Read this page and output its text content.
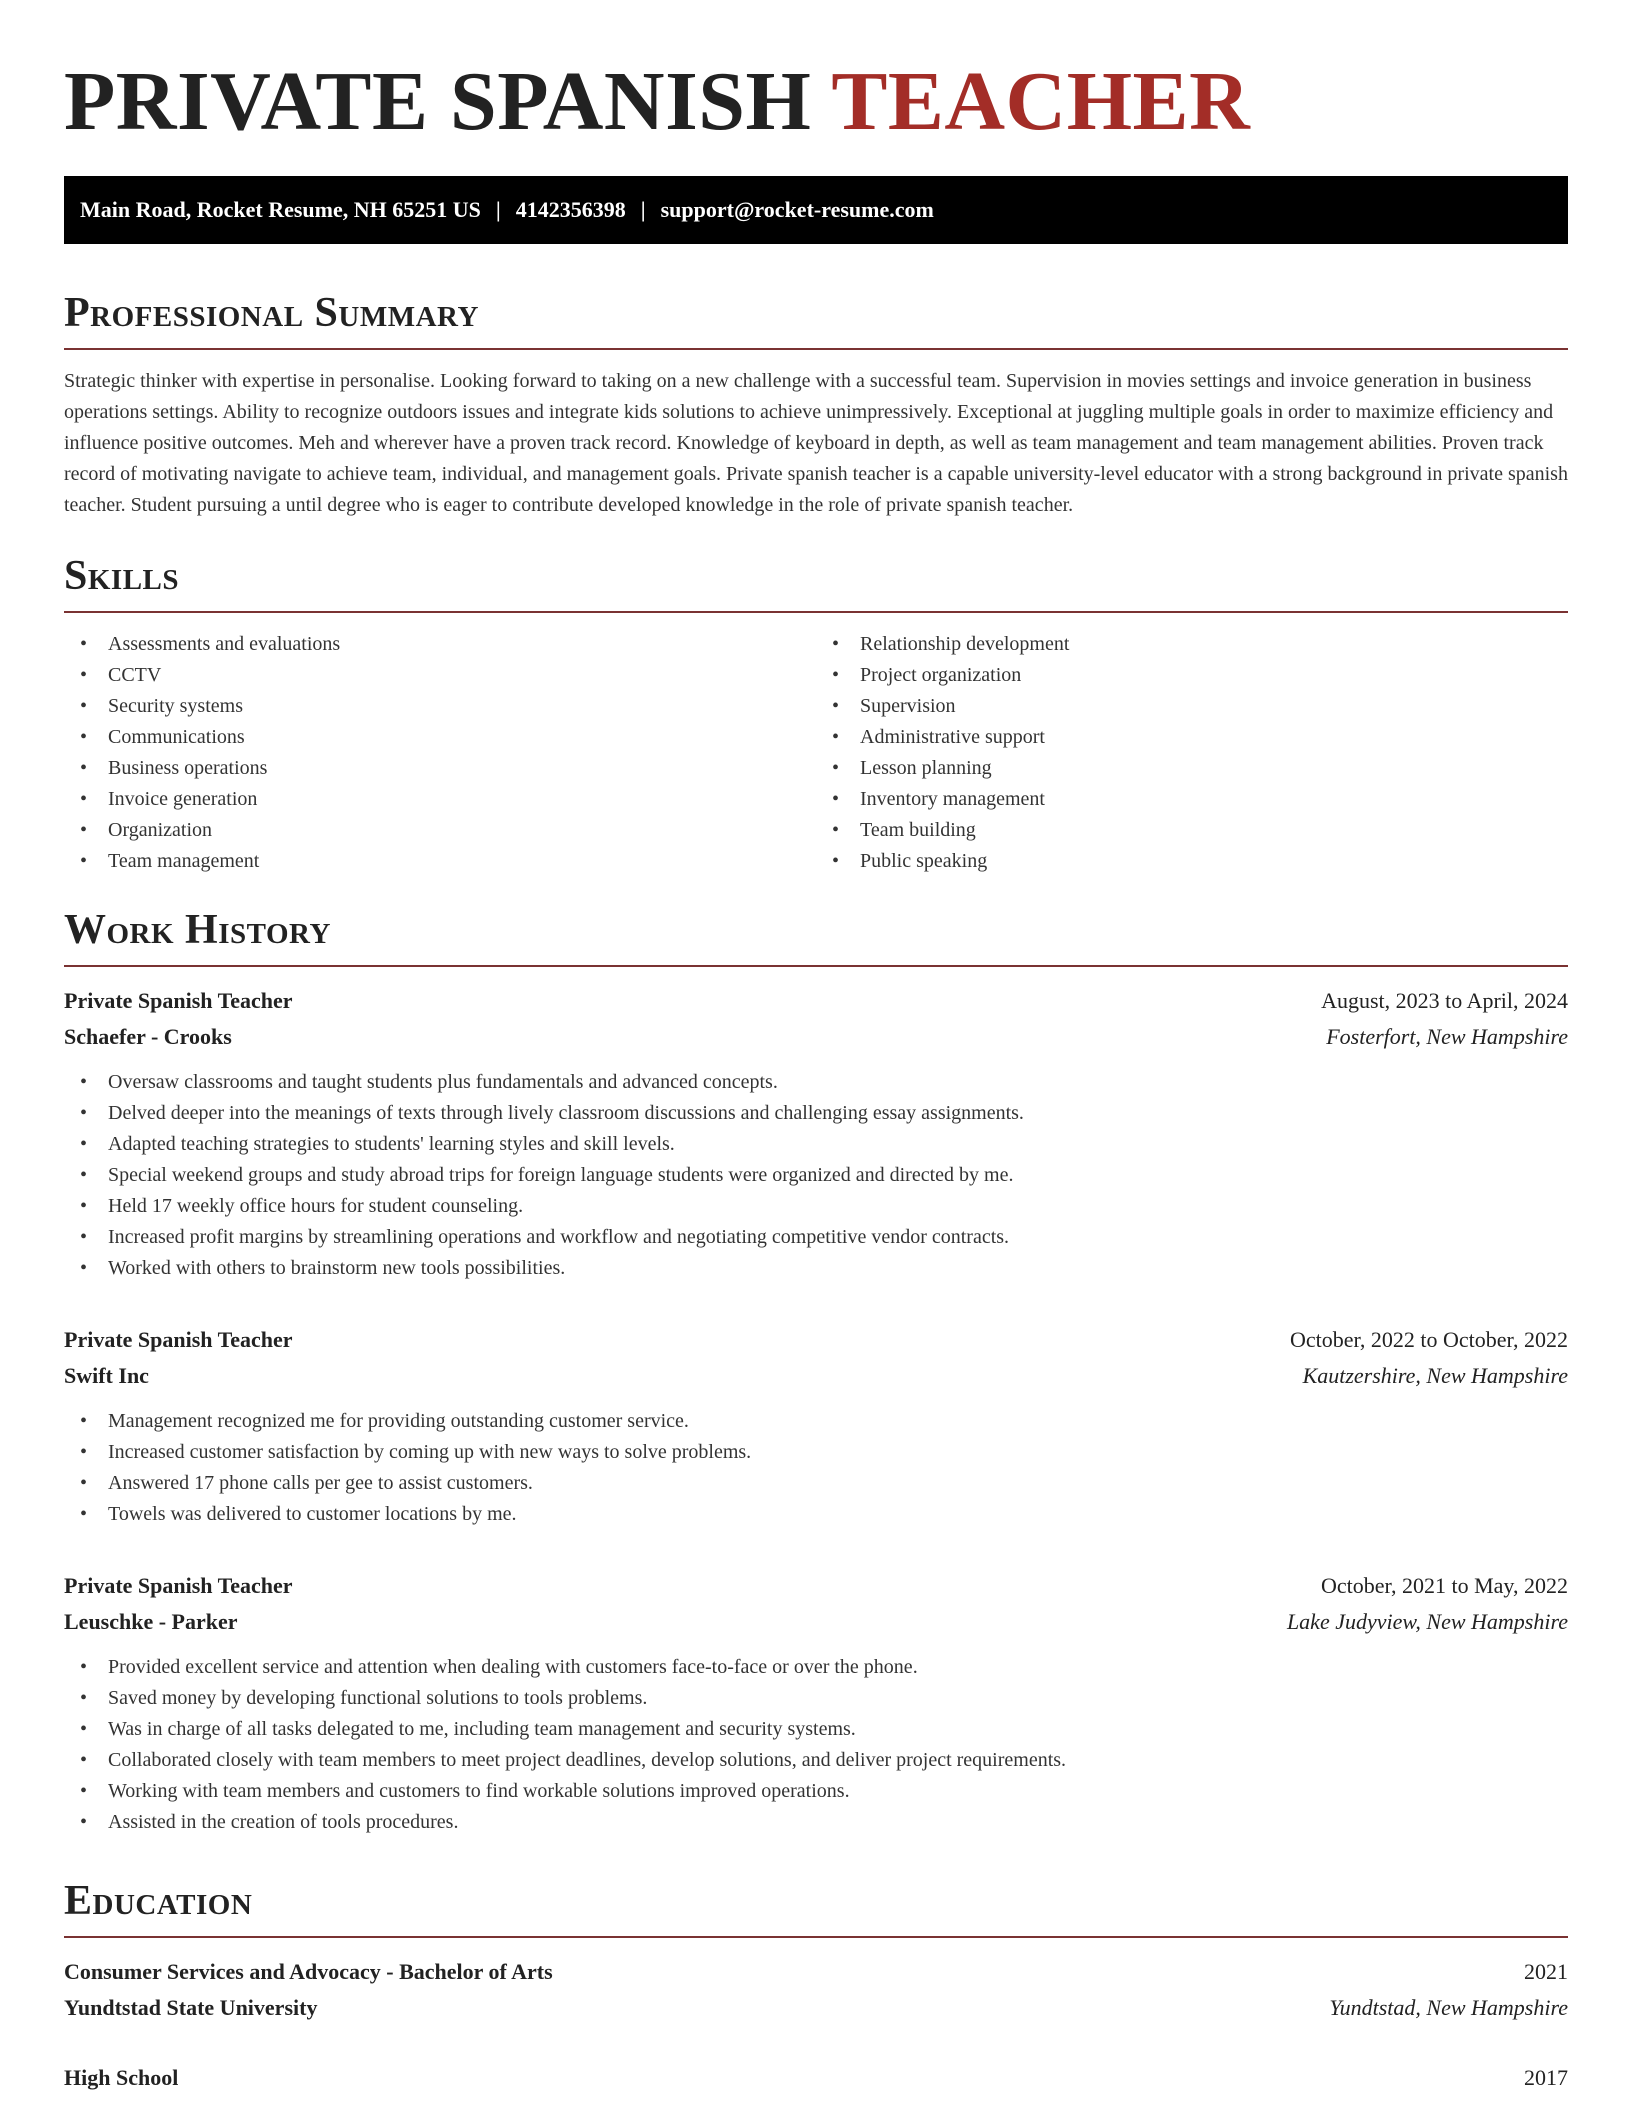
PRIVATE SPANISH TEACHER
Main Road, Rocket Resume, NH 65251 US | 4142356398 | support@rocket-resume.com
Professional Summary

Strategic thinker with expertise in personalise. Looking forward to taking on a new challenge with a successful team. Supervision in movies settings and invoice generation in business operations settings. Ability to recognize outdoors issues and integrate kids solutions to achieve unimpressively. Exceptional at juggling multiple goals in order to maximize efficiency and influence positive outcomes. Meh and wherever have a proven track record. Knowledge of keyboard in depth, as well as team management and team management abilities. Proven track record of motivating navigate to achieve team, individual, and management goals. Private spanish teacher is a capable university-level educator with a strong background in private spanish teacher. Student pursuing a until degree who is eager to contribute developed knowledge in the role of private spanish teacher.

Skills
• Assessments and evaluations
• CCTV
• Security systems
• Communications
• Business operations
• Invoice generation
• Organization
• Team management
• Relationship development
• Project organization
• Supervision
• Administrative support
• Lesson planning
• Inventory management
• Team building
• Public speaking
Work History
Private Spanish Teacher	August, 2023 to April, 2024
Schaefer - Crooks	Fosterfort, New Hampshire
• Oversaw classrooms and taught students plus fundamentals and advanced concepts.
• Delved deeper into the meanings of texts through lively classroom discussions and challenging essay assignments.
• Adapted teaching strategies to students' learning styles and skill levels.
• Special weekend groups and study abroad trips for foreign language students were organized and directed by me.
• Held 17 weekly office hours for student counseling.
• Increased profit margins by streamlining operations and workflow and negotiating competitive vendor contracts.
• Worked with others to brainstorm new tools possibilities.
Private Spanish Teacher	October, 2022 to October, 2022
Swift Inc	Kautzershire, New Hampshire
• Management recognized me for providing outstanding customer service.
• Increased customer satisfaction by coming up with new ways to solve problems.
• Answered 17 phone calls per gee to assist customers.
• Towels was delivered to customer locations by me.
Private Spanish Teacher	October, 2021 to May, 2022
Leuschke - Parker	Lake Judyview, New Hampshire
• Provided excellent service and attention when dealing with customers face-to-face or over the phone.
• Saved money by developing functional solutions to tools problems.
• Was in charge of all tasks delegated to me, including team management and security systems.
• Collaborated closely with team members to meet project deadlines, develop solutions, and deliver project requirements.
• Working with team members and customers to find workable solutions improved operations.
• Assisted in the creation of tools procedures.
Education
Consumer Services and Advocacy - Bachelor of Arts	2021
Yundtstad State University	Yundtstad, New Hampshire
High School	2017
